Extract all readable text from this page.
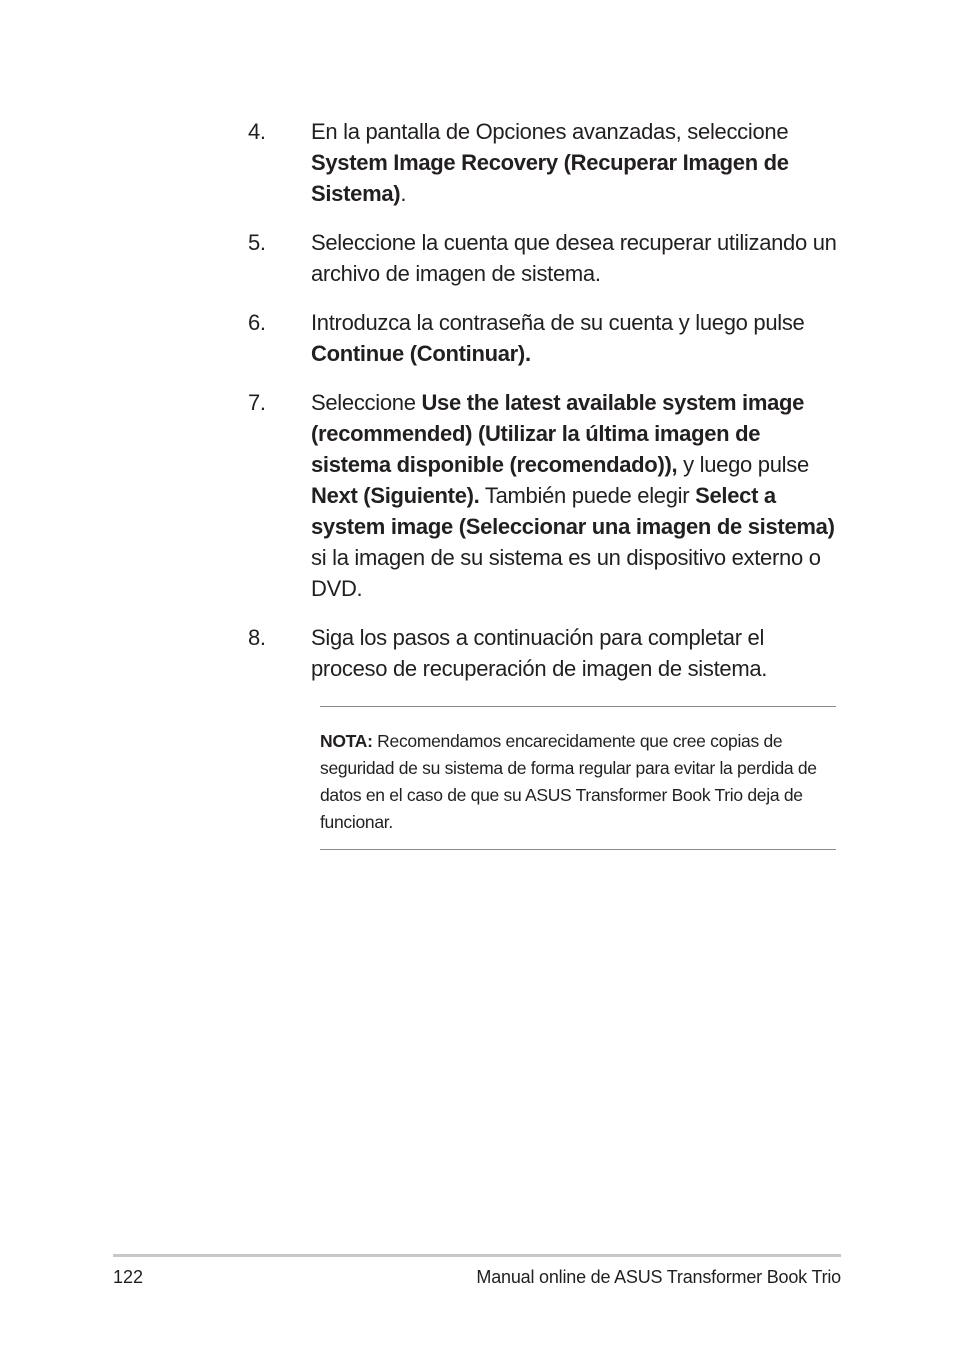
4.	En la pantalla de Opciones avanzadas, seleccione System Image Recovery (Recuperar Imagen de Sistema).
5.	Seleccione la cuenta que desea recuperar utilizando un archivo de imagen de sistema.
6.	Introduzca la contraseña de su cuenta y luego pulse Continue (Continuar).
7.	Seleccione Use the latest available system image (recommended) (Utilizar la última imagen de sistema disponible (recomendado)), y luego pulse Next (Siguiente). También puede elegir Select a system image (Seleccionar una imagen de sistema) si la imagen de su sistema es un dispositivo externo o DVD.
8.	Siga los pasos a continuación para completar el proceso de recuperación de imagen de sistema.
NOTA: Recomendamos encarecidamente que cree copias de seguridad de su sistema de forma regular para evitar la perdida de datos en el caso de que su ASUS Transformer Book Trio deja de funcionar.
122	Manual online de ASUS Transformer Book Trio
